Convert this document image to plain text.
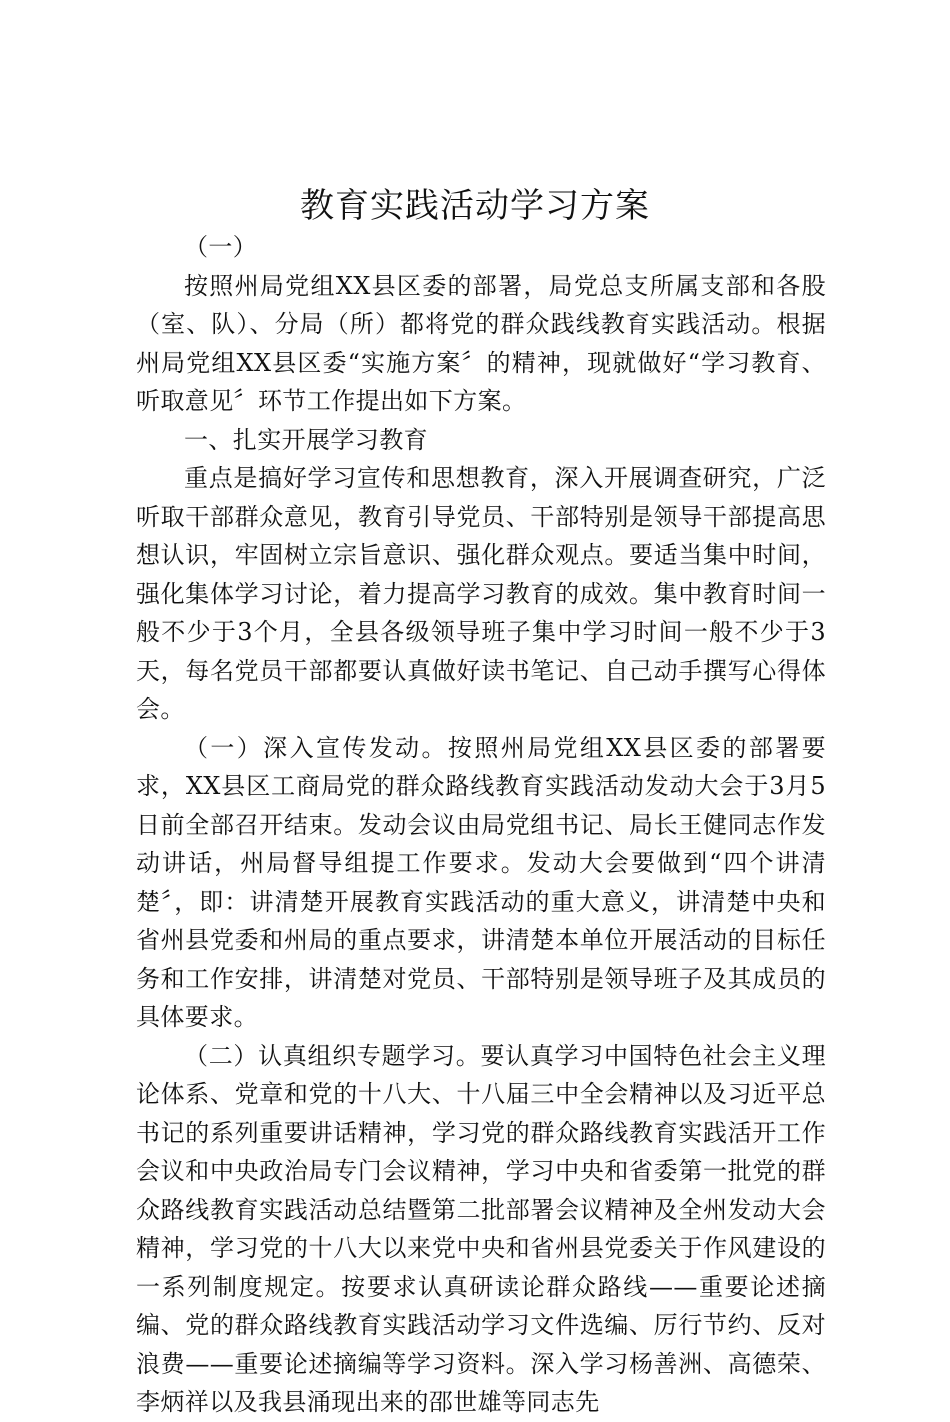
教育实践活动学习方案

（一）

按照州局党组XX县区委的部署，局党总支所属支部和各股（室、队）、分局（所）都将党的群众践线教育实践活动。根据州局党组XX县区委“实施方案〞的精神，现就做好“学习教育、听取意见〞环节工作提出如下方案。

一、扎实开展学习教育

重点是搞好学习宣传和思想教育，深入开展调查研究，广泛听取干部群众意见，教育引导党员、干部特别是领导干部提高思想认识，牢固树立宗旨意识、强化群众观点。要适当集中时间，强化集体学习讨论，着力提高学习教育的成效。集中教育时间一般不少于3个月，全县各级领导班子集中学习时间一般不少于3天，每名党员干部都要认真做好读书笔记、自己动手撰写心得体会。

（一）深入宣传发动。按照州局党组XX县区委的部署要求，XX县区工商局党的群众路线教育实践活动发动大会于3月5日前全部召开结束。发动会议由局党组书记、局长王健同志作发动讲话，州局督导组提工作要求。发动大会要做到“四个讲清楚〞，即：讲清楚开展教育实践活动的重大意义，讲清楚中央和省州县党委和州局的重点要求，讲清楚本单位开展活动的目标任务和工作安排，讲清楚对党员、干部特别是领导班子及其成员的具体要求。

（二）认真组织专题学习。要认真学习中国特色社会主义理论体系、党章和党的十八大、十八届三中全会精神以及习近平总书记的系列重要讲话精神，学习党的群众路线教育实践活开工作会议和中央政治局专门会议精神，学习中央和省委第一批党的群众路线教育实践活动总结暨第二批部署会议精神及全州发动大会精神，学习党的十八大以来党中央和省州县党委关于作风建设的一系列制度规定。按要求认真研读论群众路线——重要论述摘编、党的群众路线教育实践活动学习文件选编、厉行节约、反对浪费——重要论述摘编等学习资料。深入学习杨善洲、高德荣、李炳祥以及我县涌现出来的邵世雄等同志先
